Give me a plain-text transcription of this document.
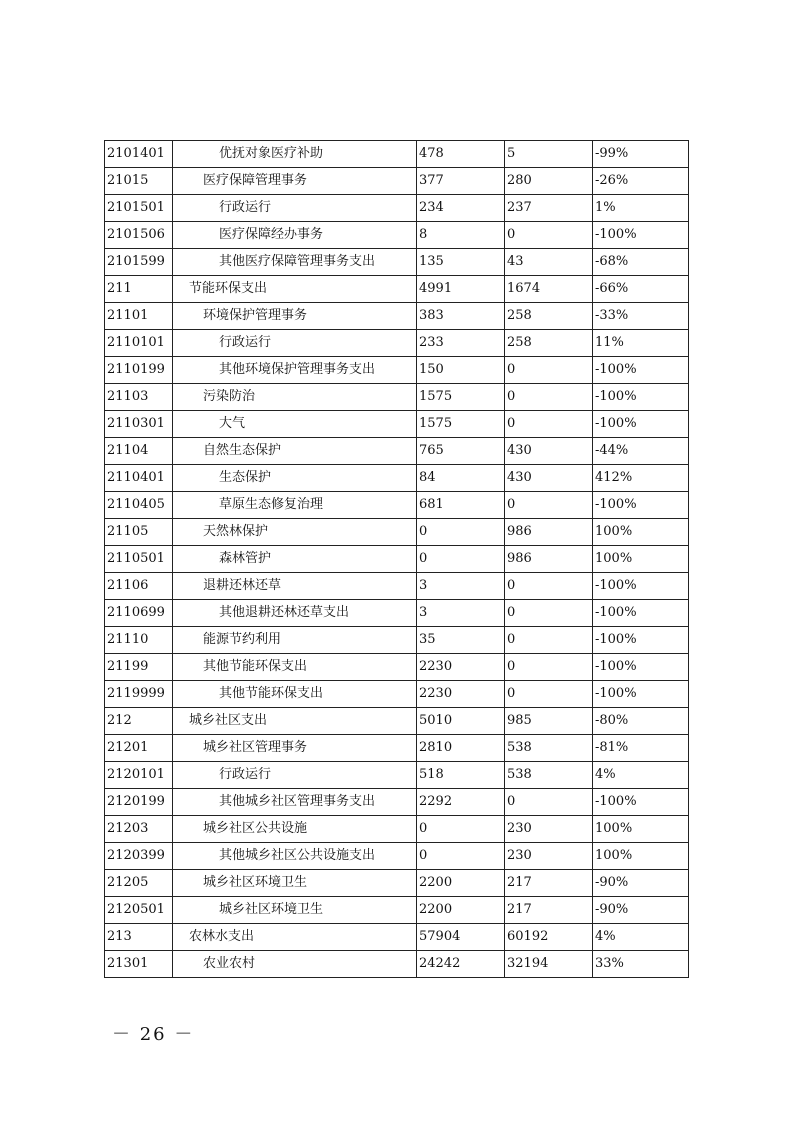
2101401	优抚对象医疗补助	478	5	-99%
21015	医疗保障管理事务	377	280	-26%
2101501	行政运行	234	237	1%
2101506	医疗保障经办事务	8	0	-100%
2101599	其他医疗保障管理事务支出	135	43	-68%
211	节能环保支出	4991	1674	-66%
21101	环境保护管理事务	383	258	-33%
2110101	行政运行	233	258	11%
2110199	其他环境保护管理事务支出	150	0	-100%
21103	污染防治	1575	0	-100%
2110301	大气	1575	0	-100%
21104	自然生态保护	765	430	-44%
2110401	生态保护	84	430	412%
2110405	草原生态修复治理	681	0	-100%
21105	天然林保护	0	986	100%
2110501	森林管护	0	986	100%
21106	退耕还林还草	3	0	-100%
2110699	其他退耕还林还草支出	3	0	-100%
21110	能源节约利用	35	0	-100%
21199	其他节能环保支出	2230	0	-100%
2119999	其他节能环保支出	2230	0	-100%
212	城乡社区支出	5010	985	-80%
21201	城乡社区管理事务	2810	538	-81%
2120101	行政运行	518	538	4%
2120199	其他城乡社区管理事务支出	2292	0	-100%
21203	城乡社区公共设施	0	230	100%
2120399	其他城乡社区公共设施支出	0	230	100%
21205	城乡社区环境卫生	2200	217	-90%
2120501	城乡社区环境卫生	2200	217	-90%
213	农林水支出	57904	60192	4%
21301	农业农村	24242	32194	33%
－ 26 －
